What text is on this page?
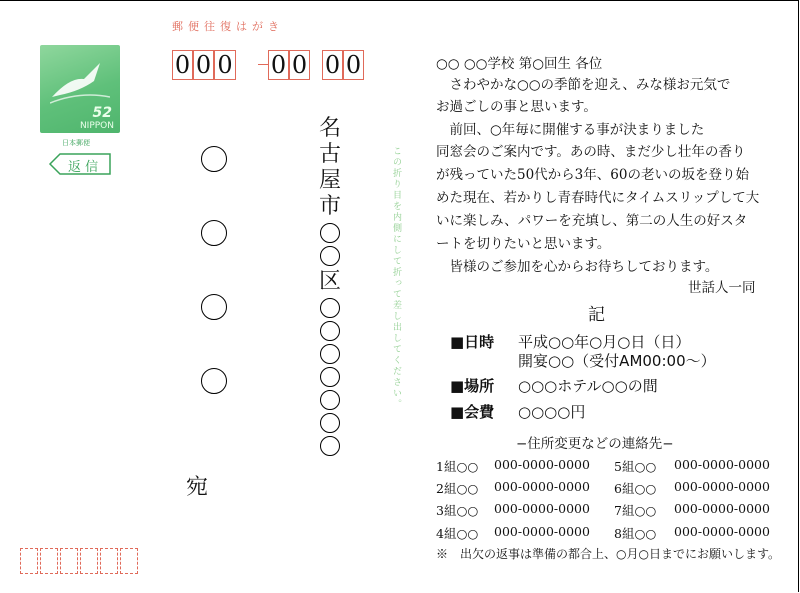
52
NIPPON
日本郵便
返 信
郵便往復はがき
0 0 0 0 0 0 0
宛
名
古
屋
市
区	この折り目を内側にして折って差し出してください。
○○ ○○学校 第○回生 各位
　さわやかな○○の季節を迎え、みな様お元気で
お過ごしの事と思います。
　前回、○年毎に開催する事が決まりました
同窓会のご案内です。あの時、まだ少し壮年の香り
が残っていた50代から3年、60の老いの坂を登り始
めた現在、若かりし青春時代にタイムスリップして大
いに楽しみ、パワーを充填し、第二の人生の好スタ
ートを切りたいと思います。
　皆様のご参加を心からお待ちしております。
世話人一同
記
■日時 平成○○年○月○日（日）
開宴○○（受付AM00:00〜）
■場所 ○○○ホテル○○の間
■会費 ○○○○円
−住所変更などの連絡先−
1組○○ 000-0000-0000 5組○○ 000-0000-0000
2組○○ 000-0000-0000 6組○○ 000-0000-0000
3組○○ 000-0000-0000 7組○○ 000-0000-0000
4組○○ 000-0000-0000 8組○○ 000-0000-0000
※　出欠の返事は準備の都合上、○月○日までにお願いします。
